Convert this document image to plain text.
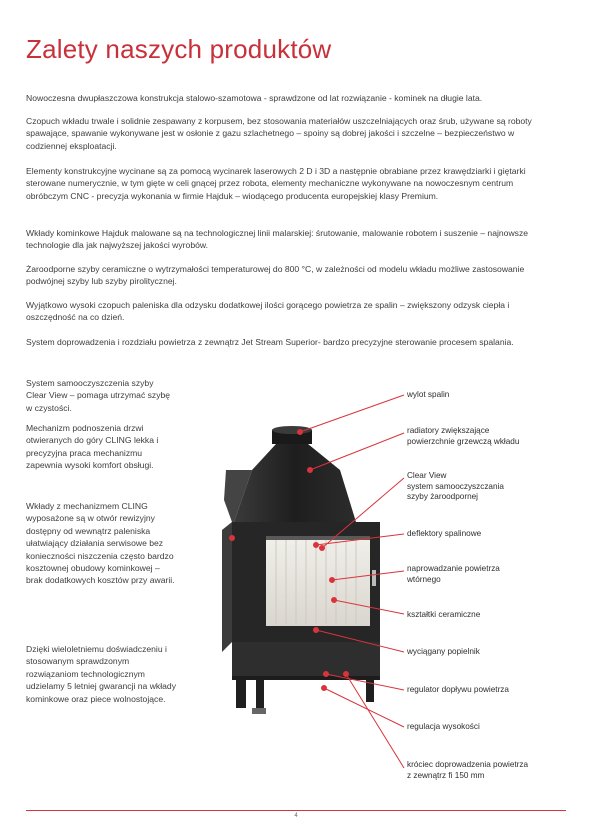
Zalety naszych produktów

Nowoczesna dwupłaszczowa konstrukcja stalowo-szamotowa - sprawdzone od lat rozwiązanie - kominek na długie lata.

Czopuch wkładu trwale i solidnie zespawany z korpusem, bez stosowania materiałów uszczelniających oraz śrub, używane są roboty spawające, spawanie wykonywane jest w osłonie z gazu szlachetnego – spoiny są dobrej jakości i szczelne – bezpieczeństwo w codziennej eksploatacji.

Elementy konstrukcyjne wycinane są za pomocą wycinarek laserowych 2 D i 3D a następnie obrabiane przez krawędziarki i giętarki sterowane numerycznie, w tym gięte w celi gnącej przez robota, elementy mechaniczne wykonywane na nowoczesnym centrum obróbczym CNC - precyzja wykonania w firmie Hajduk – wiodącego producenta europejskiej klasy Premium.

Wkłady kominkowe Hajduk malowane są na technologicznej linii malarskiej: śrutowanie, malowanie robotem i suszenie – najnowsze technologie dla jak najwyższej jakości wyrobów.

Żaroodporne szyby ceramiczne o wytrzymałości temperaturowej do 800 °C, w zależności od modelu wkładu możliwe zastosowanie podwójnej szyby lub szyby pirolitycznej.

Wyjątkowo wysoki czopuch paleniska dla odzysku dodatkowej ilości gorącego powietrza ze spalin – zwiększony odzysk ciepła i oszczędność na co dzień.

System doprowadzenia i rozdziału powietrza z zewnątrz Jet Stream Superior- bardzo precyzyjne sterowanie procesem spalania.

System samooczyszczenia szyby Clear View – pomaga utrzymać szybę w czystości.

Mechanizm podnoszenia drzwi otwieranych do góry CLING lekka i precyzyjna praca mechanizmu zapewnia wysoki komfort obsługi.

Wkłady z mechanizmem CLING wyposażone są w otwór rewizyjny dostępny od wewnątrz paleniska ułatwiający działania serwisowe bez konieczności niszczenia często bardzo kosztownej obudowy kominkowej – brak dodatkowych kosztów przy awarii.

Dzięki wieloletniemu doświadczeniu i stosowanym sprawdzonym rozwiązaniom technologicznym udzielamy 5 letniej gwarancji na wkłady kominkowe oraz piece wolnostojące.

wylot spalin
radiatory zwiększające
powierzchnie grzewczą wkładu
Clear View
system samooczyszczania
szyby żaroodpornej
deflektory spalinowe
naprowadzanie powietrza
wtórnego
kształtki ceramiczne
wyciągany popielnik
regulator dopływu powietrza
regulacja wysokości
króciec doprowadzenia powietrza
z zewnątrz fi 150 mm
4
